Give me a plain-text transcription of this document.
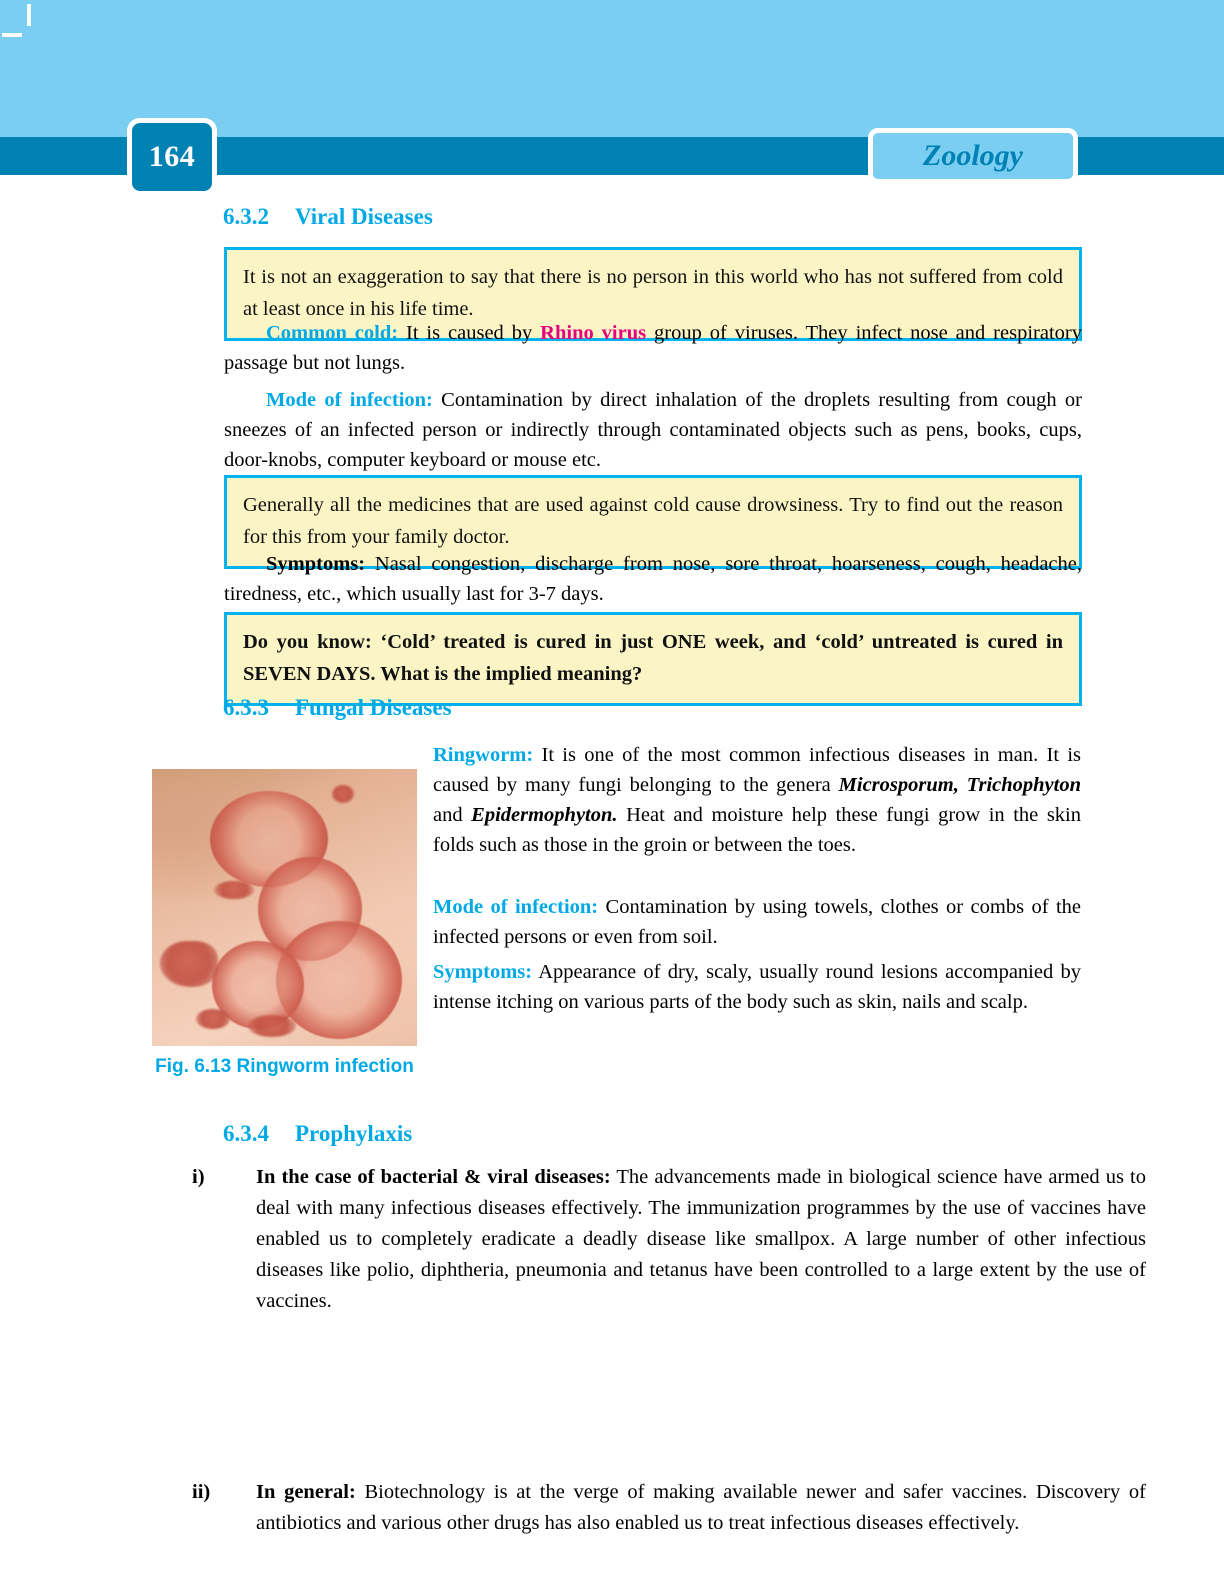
164	Zoology
6.3.2 Viral Diseases
It is not an exaggeration to say that there is no person in this world who has not suffered from cold at least once in his life time.
Common cold: It is caused by Rhino virus group of viruses. They infect nose and respiratory passage but not lungs.
Mode of infection: Contamination by direct inhalation of the droplets resulting from cough or sneezes of an infected person or indirectly through contaminated objects such as pens, books, cups, door-knobs, computer keyboard or mouse etc.
Generally all the medicines that are used against cold cause drowsiness. Try to find out the reason for this from your family doctor.
Symptoms: Nasal congestion, discharge from nose, sore throat, hoarseness, cough, headache, tiredness, etc., which usually last for 3-7 days.
Do you know: ‘Cold’ treated is cured in just ONE week, and ‘cold’ untreated is cured in SEVEN DAYS. What is the implied meaning?
6.3.3 Fungal Diseases
Fig. 6.13 Ringworm infection
Ringworm: It is one of the most common infectious diseases in man. It is caused by many fungi belonging to the genera Microsporum, Trichophyton and Epidermophyton. Heat and moisture help these fungi grow in the skin folds such as those in the groin or between the toes.
Mode of infection: Contamination by using towels, clothes or combs of the infected persons or even from soil.
Symptoms: Appearance of dry, scaly, usually round lesions accompanied by intense itching on various parts of the body such as skin, nails and scalp.
6.3.4 Prophylaxis
i)	In the case of bacterial & viral diseases: The advancements made in biological science have armed us to deal with many infectious diseases effectively. The immunization programmes by the use of vaccines have enabled us to completely eradicate a deadly disease like smallpox. A large number of other infectious diseases like polio, diphtheria, pneumonia and tetanus have been controlled to a large extent by the use of vaccines.
ii)	In general: Biotechnology is at the verge of making available newer and safer vaccines. Discovery of antibiotics and various other drugs has also enabled us to treat infectious diseases effectively.
